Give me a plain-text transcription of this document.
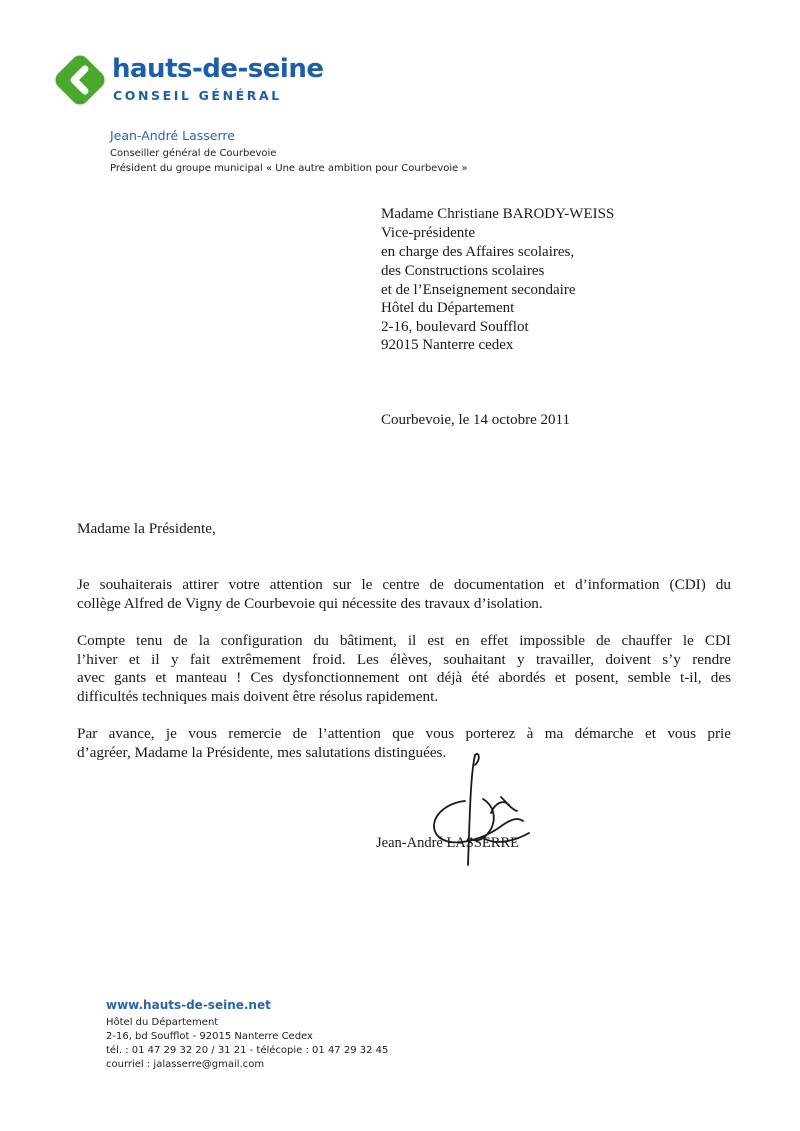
hauts-de-seine
CONSEIL GÉNÉRAL
Jean-André Lasserre
Conseiller général de Courbevoie
Président du groupe municipal « Une autre ambition pour Courbevoie »
Madame Christiane BARODY-WEISS
Vice-présidente
en charge des Affaires scolaires,
des Constructions scolaires
et de l’Enseignement secondaire
Hôtel du Département
2-16, boulevard Soufflot
92015 Nanterre cedex
Courbevoie, le 14 octobre 2011
Madame la Présidente,
Je souhaiterais attirer votre attention sur le centre de documentation et d’information (CDI) du
collège Alfred de Vigny de Courbevoie qui nécessite des travaux d’isolation.
Compte tenu de la configuration du bâtiment, il est en effet impossible de chauffer le CDI
l’hiver et il y fait extrêmement froid. Les élèves, souhaitant y travailler, doivent s’y rendre
avec gants et manteau ! Ces dysfonctionnement ont déjà été abordés et posent, semble t-il, des
difficultés techniques mais doivent être résolus rapidement.
Par avance, je vous remercie de l’attention que vous porterez à ma démarche et vous prie
d’agréer, Madame la Présidente, mes salutations distinguées.
Jean-André LASSERRE
www.hauts-de-seine.net
Hôtel du Département
2-16, bd Soufflot - 92015 Nanterre Cedex
tél. : 01 47 29 32 20 / 31 21 - télécopie : 01 47 29 32 45
courriel : jalasserre@gmail.com
